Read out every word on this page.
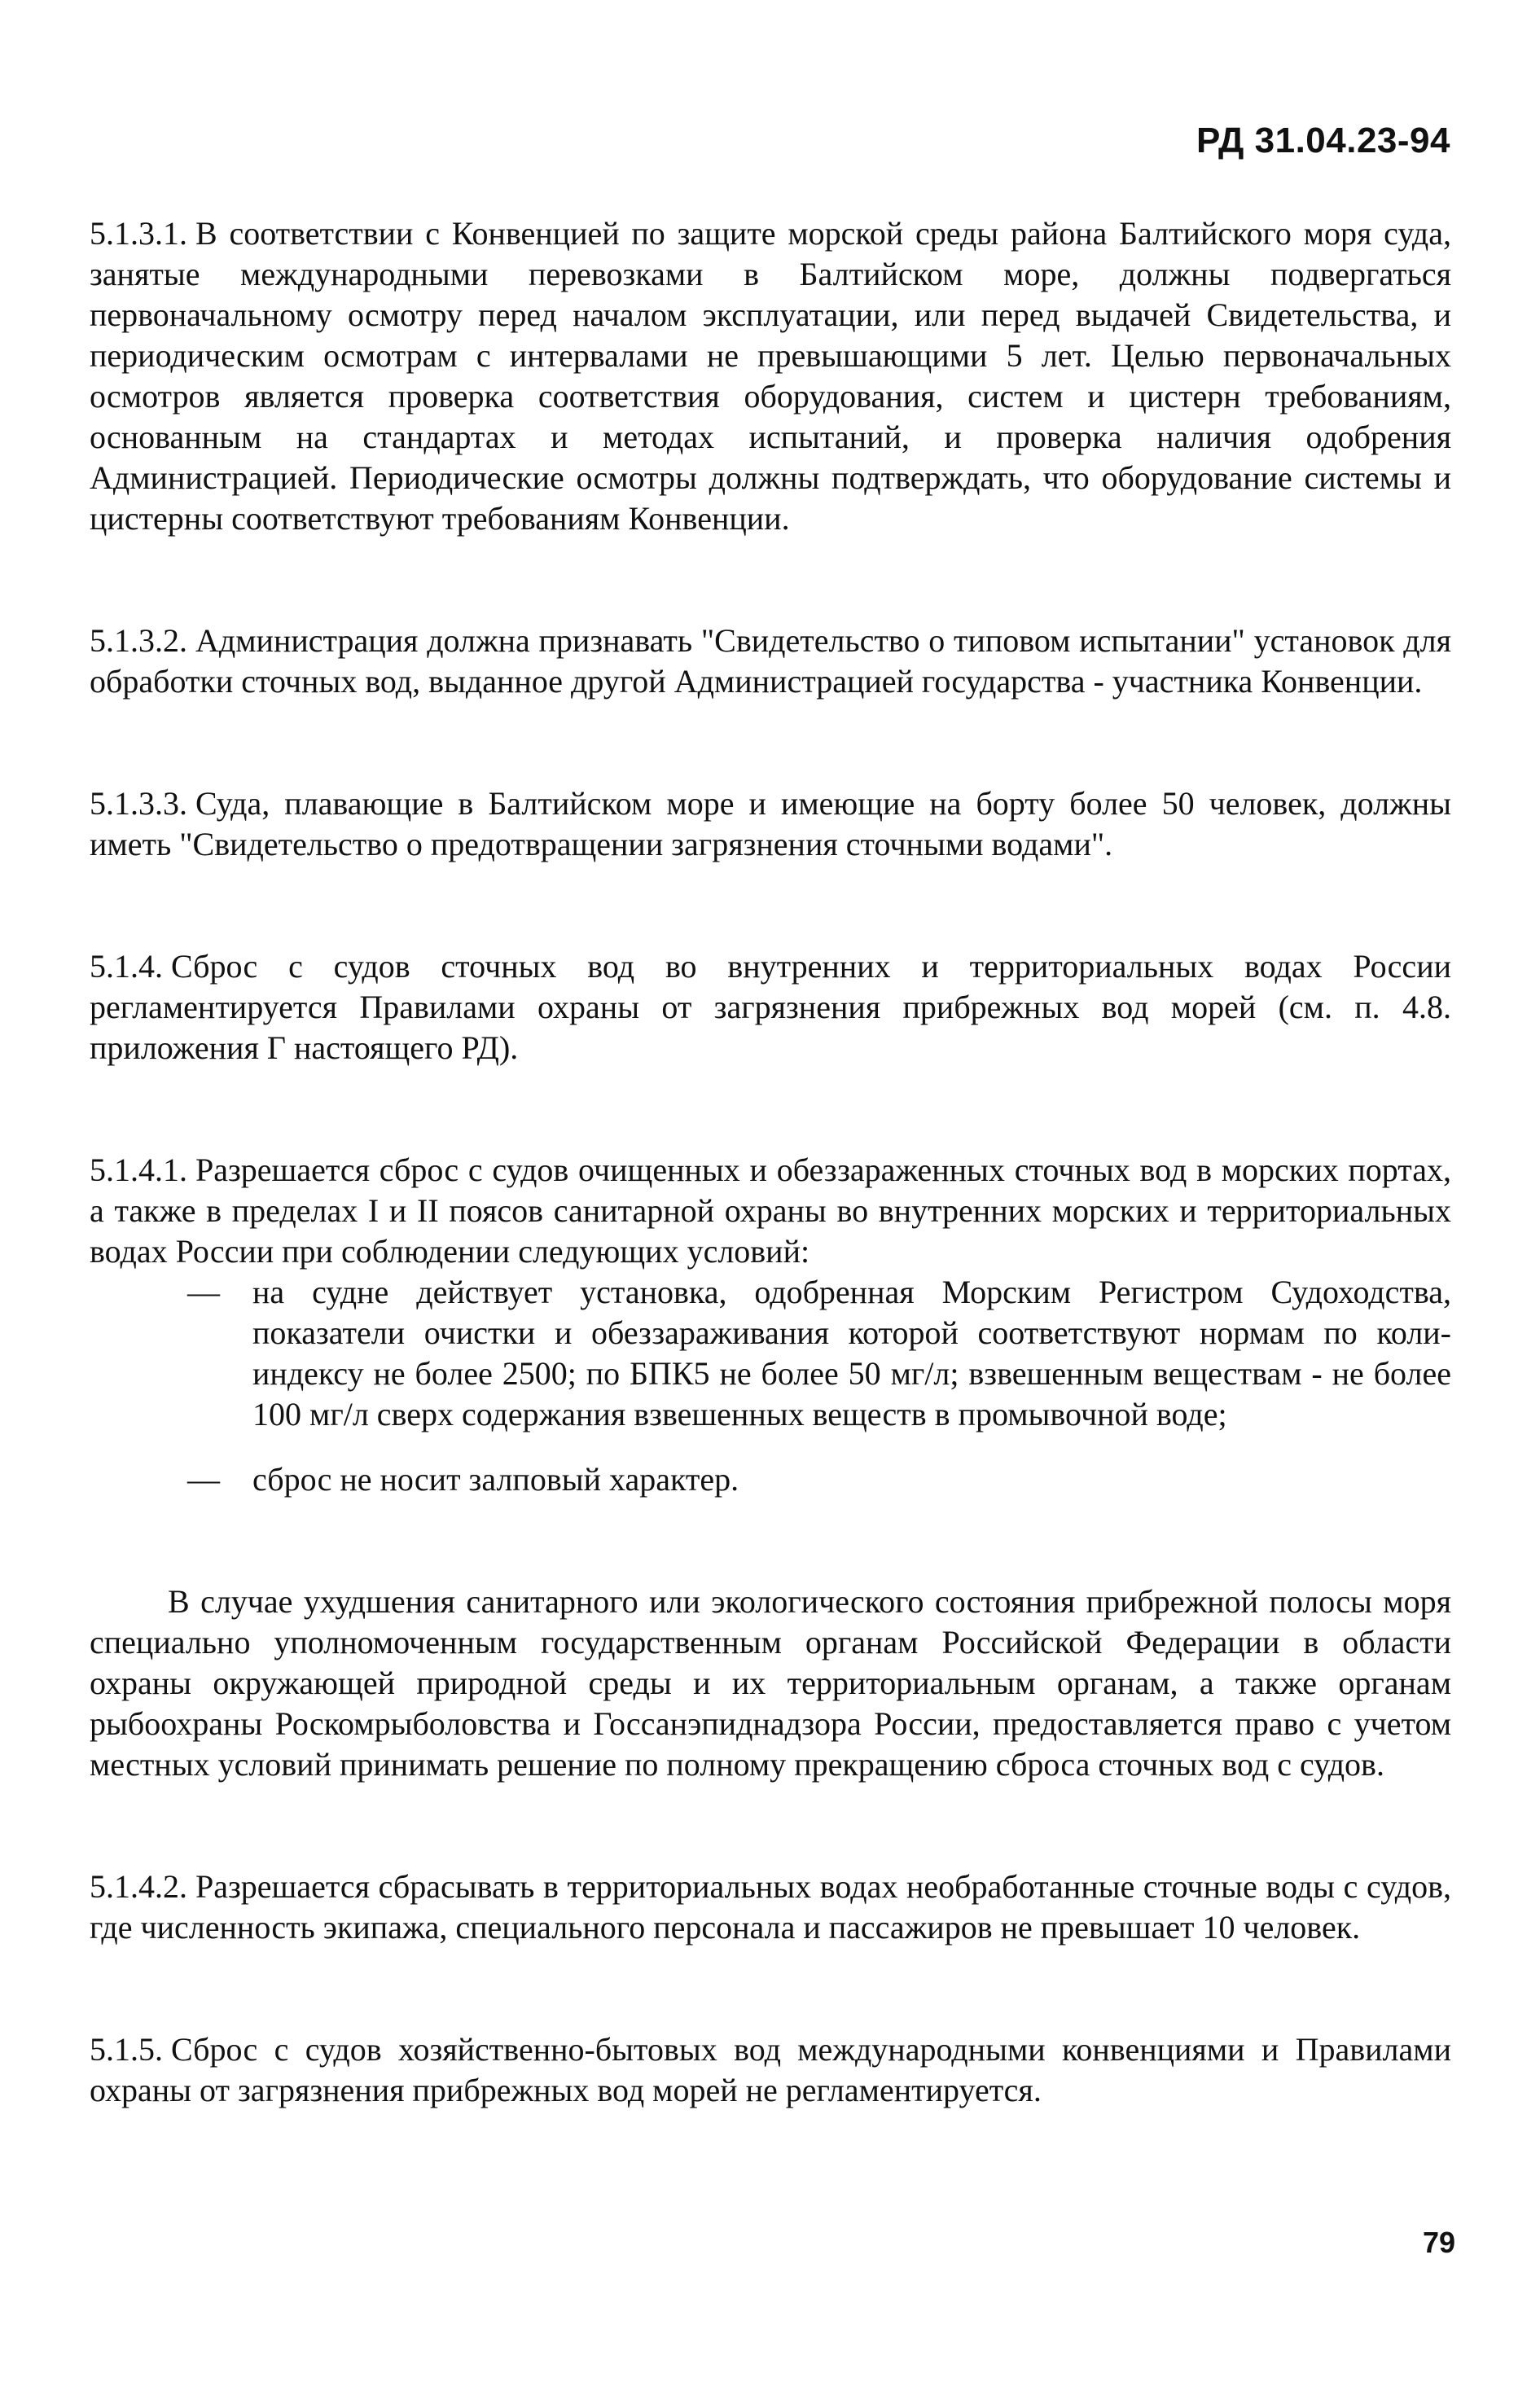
РД 31.04.23-94

5.1.3.1. В соответствии с Конвенцией по защите морской среды района Балтийского моря суда, занятые международными перевозками в Балтийском море, должны подвергаться первоначальному осмотру перед началом эксплуатации, или перед выдачей Свидетельства, и периодическим осмотрам с интервалами не превышающими 5 лет. Целью первоначальных осмотров является проверка соответствия оборудования, систем и цистерн требованиям, основанным на стандартах и методах испытаний, и проверка наличия одобрения Администрацией. Периодические осмотры должны подтверждать, что оборудование системы и цистерны соответствуют требованиям Конвенции.

5.1.3.2. Администрация должна признавать "Свидетельство о типовом испытании" установок для обработки сточных вод, выданное другой Администрацией государства - участника Конвенции.

5.1.3.3. Суда, плавающие в Балтийском море и имеющие на борту более 50 человек, должны иметь "Свидетельство о предотвращении загрязнения сточными водами".

5.1.4. Сброс с судов сточных вод во внутренних и территориальных водах России регламентируется Правилами охраны от загрязнения прибрежных вод морей (см. п. 4.8. приложения Г настоящего РД).

5.1.4.1. Разрешается сброс с судов очищенных и обеззараженных сточных вод в морских портах, а также в пределах I и II поясов санитарной охраны во внутренних морских и территориальных водах России при соблюдении следующих условий:

— на судне действует установка, одобренная Морским Регистром Судоходства, показатели очистки и обеззараживания которой соответствуют нормам по коли-индексу не более 2500; по БПК5 не более 50 мг/л; взвешенным веществам - не более 100 мг/л сверх содержания взвешенных веществ в промывочной воде;
— сброс не носит залповый характер.

В случае ухудшения санитарного или экологического состояния прибрежной полосы моря специально уполномоченным государственным органам Российской Федерации в области охраны окружающей природной среды и их территориальным органам, а также органам рыбоохраны Роскомрыболовства и Госсанэпиднадзора России, предоставляется право с учетом местных условий принимать решение по полному прекращению сброса сточных вод с судов.

5.1.4.2. Разрешается сбрасывать в территориальных водах необработанные сточные воды с судов, где численность экипажа, специального персонала и пассажиров не превышает 10 человек.

5.1.5. Сброс с судов хозяйственно-бытовых вод международными конвенциями и Правилами охраны от загрязнения прибрежных вод морей не регламентируется.

79
